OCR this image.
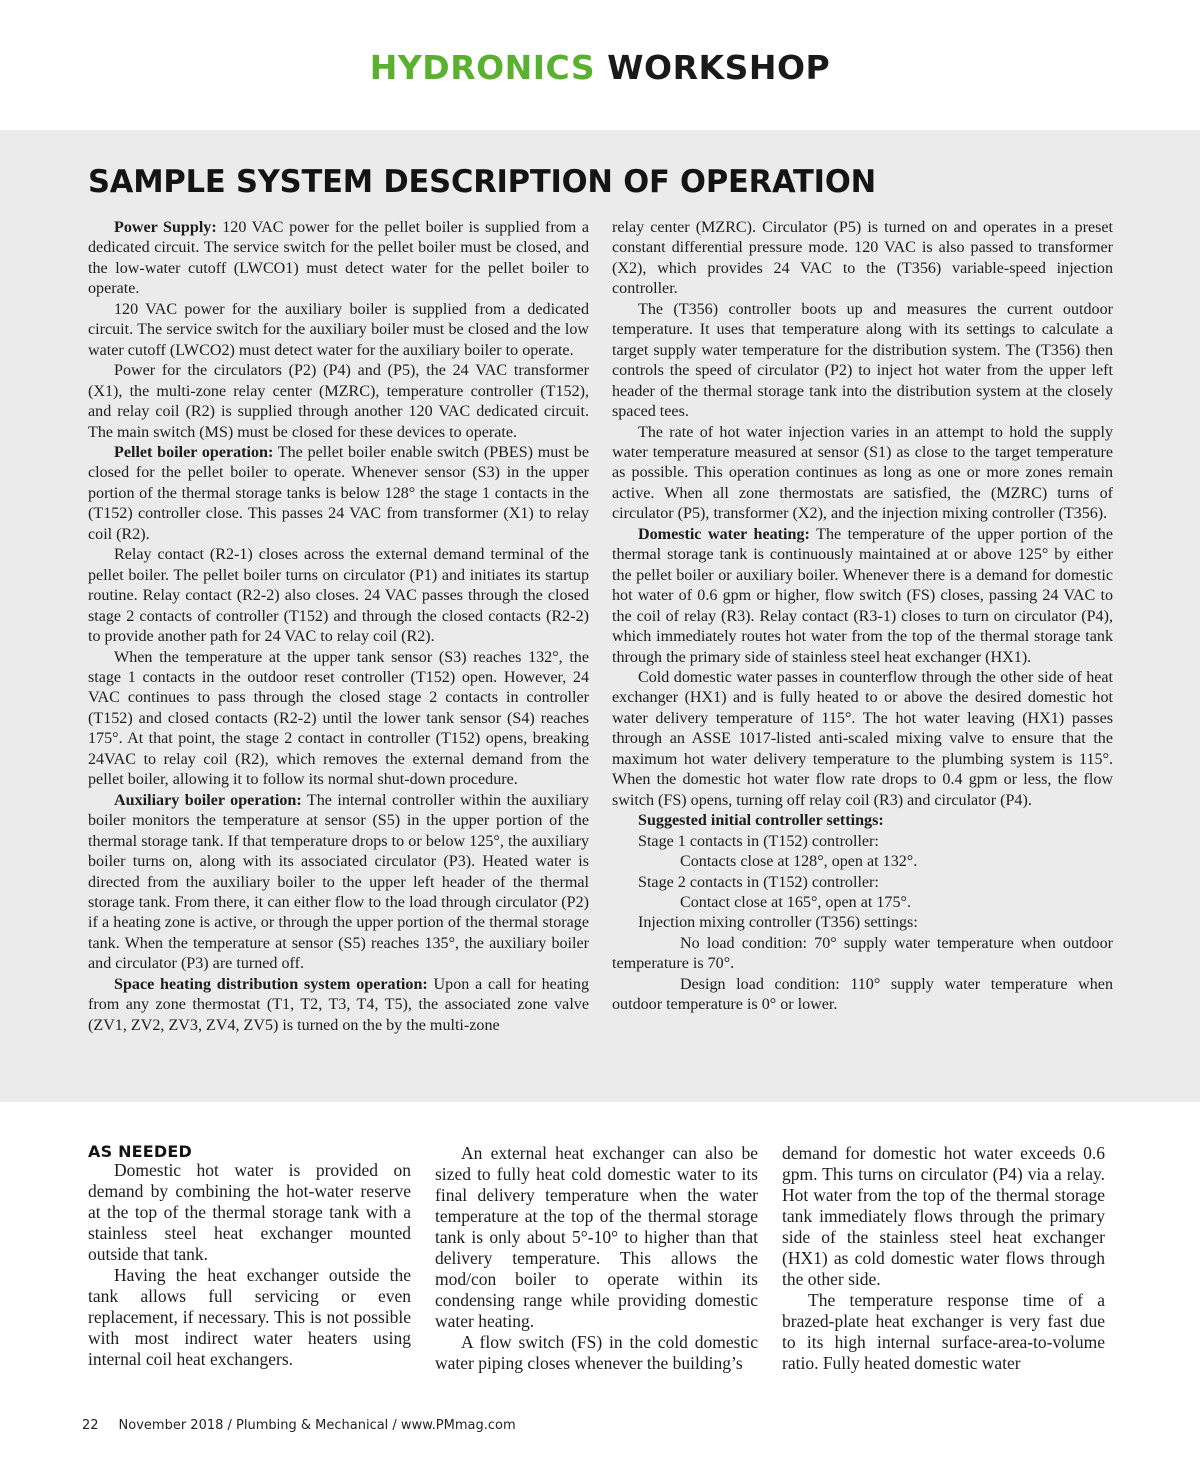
HYDRONICS WORKSHOP
SAMPLE SYSTEM DESCRIPTION OF OPERATION

Power Supply: 120 VAC power for the pellet boiler is supplied from a dedicated circuit. The service switch for the pellet boiler must be closed, and the low-water cutoff (LWCO1) must detect water for the pellet boiler to operate.

120 VAC power for the auxiliary boiler is supplied from a dedicated circuit. The service switch for the auxiliary boiler must be closed and the low water cutoff (LWCO2) must detect water for the auxiliary boiler to operate.

Power for the circulators (P2) (P4) and (P5), the 24 VAC transformer (X1), the multi-zone relay center (MZRC), temperature controller (T152), and relay coil (R2) is supplied through another 120 VAC dedicated circuit. The main switch (MS) must be closed for these devices to operate.

Pellet boiler operation: The pellet boiler enable switch (PBES) must be closed for the pellet boiler to operate. Whenever sensor (S3) in the upper portion of the thermal storage tanks is below 128° the stage 1 contacts in the (T152) controller close. This passes 24 VAC from transformer (X1) to relay coil (R2).

Relay contact (R2-1) closes across the external demand terminal of the pellet boiler. The pellet boiler turns on circulator (P1) and initiates its startup routine. Relay contact (R2-2) also closes. 24 VAC passes through the closed stage 2 contacts of controller (T152) and through the closed contacts (R2-2) to provide another path for 24 VAC to relay coil (R2).

When the temperature at the upper tank sensor (S3) reaches 132°, the stage 1 contacts in the outdoor reset controller (T152) open. However, 24 VAC continues to pass through the closed stage 2 contacts in controller (T152) and closed contacts (R2-2) until the lower tank sensor (S4) reaches 175°. At that point, the stage 2 contact in controller (T152) opens, breaking 24VAC to relay coil (R2), which removes the external demand from the pellet boiler, allowing it to follow its normal shut-down procedure.

Auxiliary boiler operation: The internal controller within the auxiliary boiler monitors the temperature at sensor (S5) in the upper portion of the thermal storage tank. If that temperature drops to or below 125°, the auxiliary boiler turns on, along with its associated circulator (P3). Heated water is directed from the auxiliary boiler to the upper left header of the thermal storage tank. From there, it can either flow to the load through circulator (P2) if a heating zone is active, or through the upper portion of the thermal storage tank. When the temperature at sensor (S5) reaches 135°, the auxiliary boiler and circulator (P3) are turned off.

Space heating distribution system operation: Upon a call for heating from any zone thermostat (T1, T2, T3, T4, T5), the associated zone valve (ZV1, ZV2, ZV3, ZV4, ZV5) is turned on the by the multi-zone

relay center (MZRC). Circulator (P5) is turned on and operates in a preset constant differential pressure mode. 120 VAC is also passed to transformer (X2), which provides 24 VAC to the (T356) variable-speed injection controller.

The (T356) controller boots up and measures the current outdoor temperature. It uses that temperature along with its settings to calculate a target supply water temperature for the distribution system. The (T356) then controls the speed of circulator (P2) to inject hot water from the upper left header of the thermal storage tank into the distribution system at the closely spaced tees.

The rate of hot water injection varies in an attempt to hold the supply water temperature measured at sensor (S1) as close to the target temperature as possible. This operation continues as long as one or more zones remain active. When all zone thermostats are satisfied, the (MZRC) turns of circulator (P5), transformer (X2), and the injection mixing controller (T356).

Domestic water heating: The temperature of the upper portion of the thermal storage tank is continuously maintained at or above 125° by either the pellet boiler or auxiliary boiler. Whenever there is a demand for domestic hot water of 0.6 gpm or higher, flow switch (FS) closes, passing 24 VAC to the coil of relay (R3). Relay contact (R3-1) closes to turn on circulator (P4), which immediately routes hot water from the top of the thermal storage tank through the primary side of stainless steel heat exchanger (HX1).

Cold domestic water passes in counterflow through the other side of heat exchanger (HX1) and is fully heated to or above the desired domestic hot water delivery temperature of 115°. The hot water leaving (HX1) passes through an ASSE 1017-listed anti-scaled mixing valve to ensure that the maximum hot water delivery temperature to the plumbing system is 115°. When the domestic hot water flow rate drops to 0.4 gpm or less, the flow switch (FS) opens, turning off relay coil (R3) and circulator (P4).

Suggested initial controller settings:

Stage 1 contacts in (T152) controller:

Contacts close at 128°, open at 132°.

Stage 2 contacts in (T152) controller:

Contact close at 165°, open at 175°.

Injection mixing controller (T356) settings:

No load condition: 70° supply water temperature when outdoor temperature is 70°.

Design load condition: 110° supply water temperature when outdoor temperature is 0° or lower.

AS NEEDED

Domestic hot water is provided on demand by combining the hot-water reserve at the top of the thermal storage tank with a stainless steel heat exchanger mounted outside that tank.

Having the heat exchanger outside the tank allows full servicing or even replacement, if necessary. This is not possible with most indirect water heaters using internal coil heat exchangers.

An external heat exchanger can also be sized to fully heat cold domestic water to its final delivery temperature when the water temperature at the top of the thermal storage tank is only about 5°-10° to higher than that delivery temperature. This allows the mod/con boiler to operate within its condensing range while providing domestic water heating.

A flow switch (FS) in the cold domestic water piping closes whenever the building’s

demand for domestic hot water exceeds 0.6 gpm. This turns on circulator (P4) via a relay. Hot water from the top of the thermal storage tank immediately flows through the primary side of the stainless steel heat exchanger (HX1) as cold domestic water flows through the other side.

The temperature response time of a brazed-plate heat exchanger is very fast due to its high internal surface-area-to-volume ratio. Fully heated domestic water

22 November 2018 / Plumbing & Mechanical / www.PMmag.com
